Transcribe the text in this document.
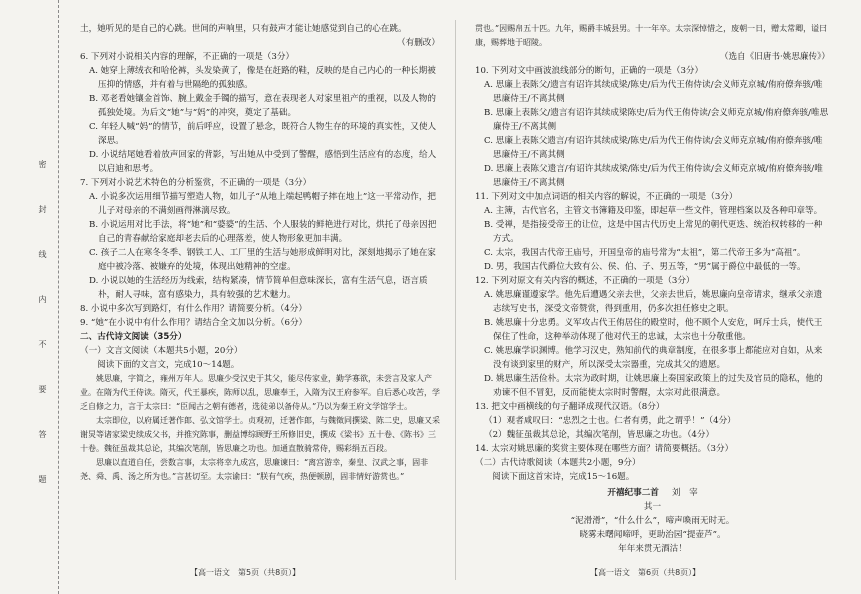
密
封
线
内
不
要
答
题

土，她听见的是自己的心跳。世间的声响里，只有鼓声才能让她感觉到自己的心在跳。

（有删改）

6. 下列对小说相关内容的理解，不正确的一项是（3分）

A. 她穿上薄绒衣和哈伦裤，头发染黄了，像是在赶路的鞋，反映的是自己内心的一种长期被压抑的情感，并有着与世隔绝的孤独感。

B. 邓老看她镶金首饰、腕上戴金手镯的描写，意在表现老人对家里祖产的重视，以及人物的孤独处境。为后文“她”与“妈”的冲突，奠定了基础。

C. 年轻人喊“妈”的情节，前后呼应，设置了悬念，既符合人物生存的环境的真实性，又使人深思。

D. 小说结尾她看着放声回家的背影，写出她从中受到了警醒，感悟到生活应有的态度，给人以启迪和思考。

7. 下列对小说艺术特色的分析鉴赏，不正确的一项是（3分）

A. 小说多次运用细节描写塑造人物，如儿子“从地上端起鸭帽子摔在地上”这一平常动作，把儿子对母亲的不满刻画得淋漓尽致。

B. 小说运用对比手法，将“她”和“婆婆”的生活、个人服装的鲜艳进行对比，烘托了母亲因把自己的青春献给家庭却老去后的心理落差，使人物形象更加丰满。

C. 孩子二人在寒冬冬季、钢铁工人、工厂里的生活与她形成鲜明对比，深刻地揭示了她在家庭中被冷落、被嫌弃的处境，体现出她精神的空虚。

D. 小说以她的生活经历为线索，结构紧凑，情节简单但意味深长，富有生活气息，语言质朴，耐人寻味，富有感染力，具有较强的艺术魅力。

8. 小说中多次写到路灯，有什么作用？请简要分析。（4分）

9. “她”在小说中有什么作用？请结合全文加以分析。（6分）

二、古代诗文阅读（35分）

（一）文言文阅读（本题共5小题，20分）

阅读下面的文言文，完成10～14题。

姚思廉，字简之，雍州万年人。思廉少受汉史于其父，能尽传家业，勤学寡欲，未尝言及家人产业。在隋为代王侍读。隋灭，代王暴疾，陈师以乱，思廉奉王，入隋为汉王府参军。自后悉心攻苦，学乏自修之力，言于太宗曰：“臣闻古之朝有德者，选徒弟以备侍从。”乃以为秦王府文学馆学士。

太宗即位，以府属迁著作郎、弘文馆学士。贞观初，迁著作郎，与魏徵同撰梁、陈二史，思廉又采谢炅等诸家梁史续成父书，并推究陈事，删益博综顾野王所修旧史，撰成《梁书》五十卷、《陈书》三十卷。魏征虽裁其总论，其编次笔削，皆思廉之功也。加通直散骑常侍，赐彩绢五百段。

思廉以直道自任，尝数言事，太宗将幸九成宫，思廉谏曰：“离宫游幸，秦皇、汉武之事，固非尧、舜、禹、汤之所为也。”言甚切至。太宗谕曰：“朕有气疾，热便顿剧，固非情好游赏也。”

【高一语文　第5页（共8页）】

贯也。”因赐帛五十匹。九年，赐爵丰城县男。十一年卒。太宗深悼惜之，废朝一日，赠太常卿，谥曰康，赐葬地于昭陵。

（选自《旧唐书·姚思廉传》）

10. 下列对文中画波浪线部分的断句，正确的一项是（3分）

A. 思廉上表陈父/遗言有诏许其续成梁/陈史/后为代王侑侍读/会义师克京城/侑府僚奔骇/唯思廉侍王/不离其侧

B. 思廉上表陈父/遗言有诏许其续成梁陈史/后为代王侑侍读/会义师克京城/侑府僚奔骇/唯思廉侍王/不离其侧

C. 思廉上表陈父遗言/有诏许其续成梁/陈史/后为代王侑侍读/会义师克京城/侑府僚奔骇/唯思廉侍王/不离其侧

D. 思廉上表陈父遗言/有诏许其续成梁/陈史/后为代王侑侍读/会义师克京城/侑府僚奔骇/唯思廉侍王/不离其侧

11. 下列对文中加点词语的相关内容的解说，不正确的一项是（3分）

A. 主簿，古代官名，主管文书簿籍及印鉴，即起草一些文件，管理档案以及各种印章等。

B. 受禅，是指接受帝王的让位，这是中国古代历史上常见的朝代更迭、统治权转移的一种方式。

C. 太宗，我国古代帝王庙号，开国皇帝的庙号常为“太祖”，第二代帝王多为“高祖”。

D. 男，我国古代爵位大致有公、侯、伯、子、男五等，“男”属于爵位中最低的一等。

12. 下列对原文有关内容的概述，不正确的一项是（3分）

A. 姚思廉谨遵家学。他先后遭遇父亲去世，父亲去世后，姚思廉向皇帝请求，继承父亲遗志续写史书，深受文帝赞赏，得到重用，仍多次担任修史之职。

B. 姚思廉十分忠勇。义军攻占代王侑居住的殿堂时，他不顾个人安危，呵斥士兵，使代王保住了性命，这种举动体现了他对代王的忠诚，太宗也十分敬重他。

C. 姚思廉学识渊博。他学习汉史，熟知前代的典章制度，在很多事上都能应对自如，从来没有谈到家里的财产，所以深受太宗器重，完成其父的遗愿。

D. 姚思廉生活俭朴。太宗为政时期，让姚思廉上奏国家政策上的过失及官员的隐私，他的劝谏不但不冒犯，反而能使太宗时时警醒，太宗对此很满意。

13. 把文中画横线的句子翻译成现代汉语。（8分）

（1）观者咸叹曰：“忠烈之士也。仁者有勇，此之谓乎！”（4分）

（2）魏征虽裁其总论，其编次笔削，皆思廉之功也。（4分）

14. 太宗对姚思廉的奖赏主要体现在哪些方面？请简要概括。（3分）

（二）古代诗歌阅读（本题共2小题，9分）

阅读下面这首宋诗，完成15～16题。

开禧纪事二首 刘　宰

其一

“泥滑滑”，“什么什么”，啼声喚雨无时无。

晓雾未曙闻啼呼，更助治园“提壶芦”。

年年来贯无酒沽！

【高一语文　第6页（共8页）】
